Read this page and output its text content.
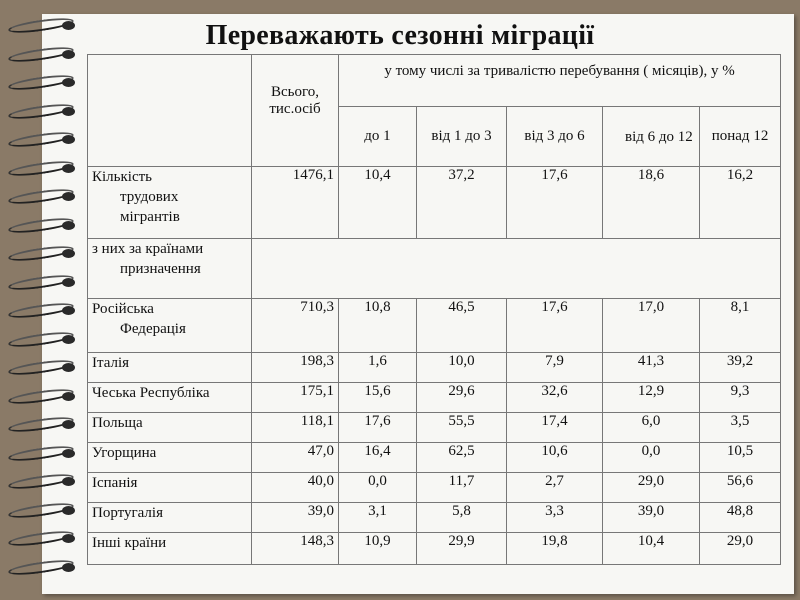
Переважають сезонні міграції
	Всього, тис.осіб	у тому числі за тривалістю перебування ( місяців), у %				
		до 1	від 1 до 3	від 3 до 6	від 6 до 12	понад 12

Кількість
трудових
мігрантів	1476,1	10,4	37,2	17,6	18,6	16,2

з них за країнами
призначення						

Російська
Федерація	710,3	10,8	46,5	17,6	17,0	8,1

Італія	198,3	1,6	10,0	7,9	41,3	39,2

Чеська Республіка	175,1	15,6	29,6	32,6	12,9	9,3

Польща	118,1	17,6	55,5	17,4	6,0	3,5

Угорщина	47,0	16,4	62,5	10,6	0,0	10,5

Іспанія	40,0	0,0	11,7	2,7	29,0	56,6

Португалія	39,0	3,1	5,8	3,3	39,0	48,8

Інші країни	148,3	10,9	29,9	19,8	10,4	29,0
